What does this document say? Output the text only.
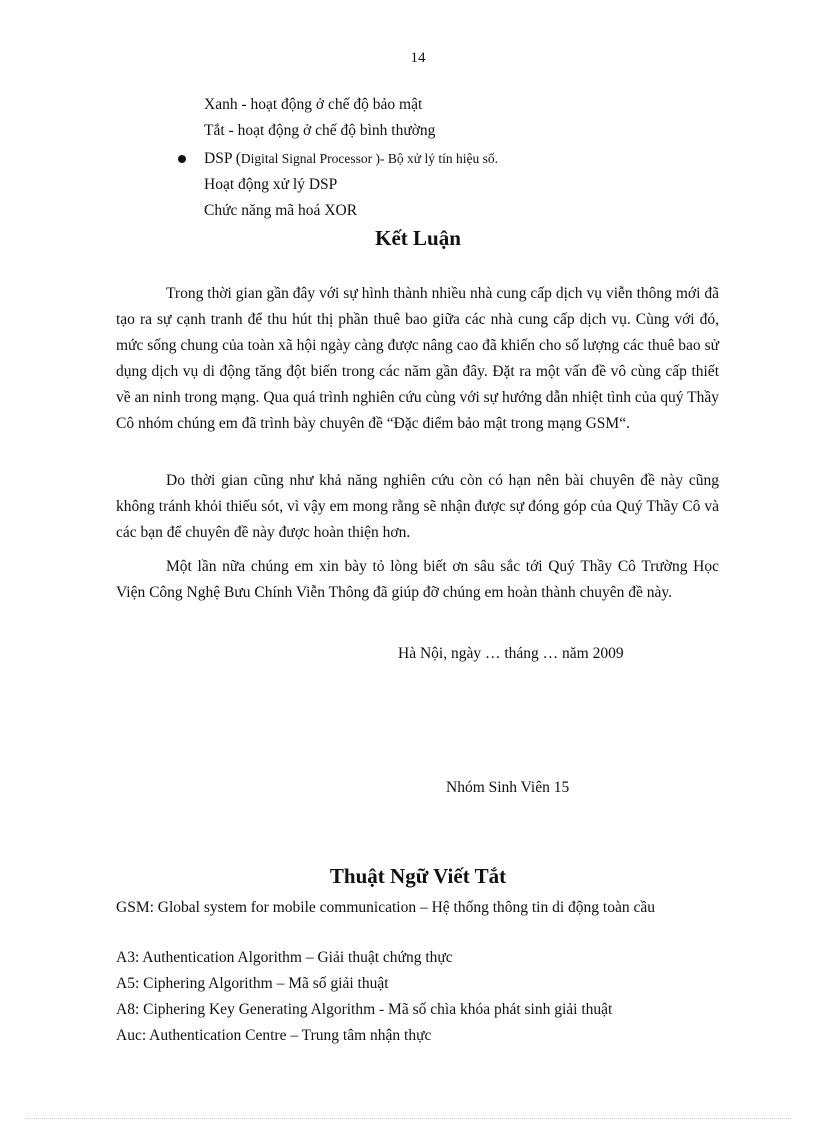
14
Xanh - hoạt động ở chế độ bảo mật
Tắt - hoạt động ở chế độ bình thường
DSP (Digital Signal Processor )- Bộ xử lý tín hiệu số.
Hoạt động xử lý DSP
Chức năng mã hoá XOR
Kết Luận
Trong thời gian gần đây với sự hình thành nhiều nhà cung cấp dịch vụ viễn thông mới đã tạo ra sự cạnh tranh để thu hút thị phần thuê bao giữa các nhà cung cấp dịch vụ. Cùng với đó, mức sống chung của toàn xã hội ngày càng được nâng cao đã khiến cho số lượng các thuê bao sử dụng dịch vụ di động tăng đột biến trong các năm gần đây. Đặt ra một vấn đề vô cùng cấp thiết về an ninh trong mạng. Qua quá trình nghiên cứu cùng với sự hướng dẫn nhiệt tình của quý Thầy Cô nhóm chúng em đã trình bày chuyên đề “Đặc điểm bảo mật trong mạng GSM“.
Do thời gian cũng như khả năng nghiên cứu còn có hạn nên bài chuyên đề này cũng không tránh khỏi thiếu sót, vì vậy em mong rằng sẽ nhận được sự đóng góp của Quý Thầy Cô và các bạn để chuyên đề này được hoàn thiện hơn.
Một lần nữa chúng em xin bày tỏ lòng biết ơn sâu sắc tới Quý Thầy Cô Trường Học Viện Công Nghệ Bưu Chính Viễn Thông đã giúp đỡ chúng em hoàn thành chuyên đề này.
Hà Nội, ngày … tháng … năm 2009
Nhóm Sinh Viên 15
Thuật Ngữ Viết Tắt
GSM: Global system for mobile communication – Hệ thống thông tin di động toàn cầu
A3: Authentication Algorithm – Giải thuật chứng thực
A5: Ciphering Algorithm – Mã số giải thuật
A8: Ciphering Key Generating Algorithm - Mã số chìa khóa phát sinh giải thuật
Auc: Authentication Centre – Trung tâm nhận thực
